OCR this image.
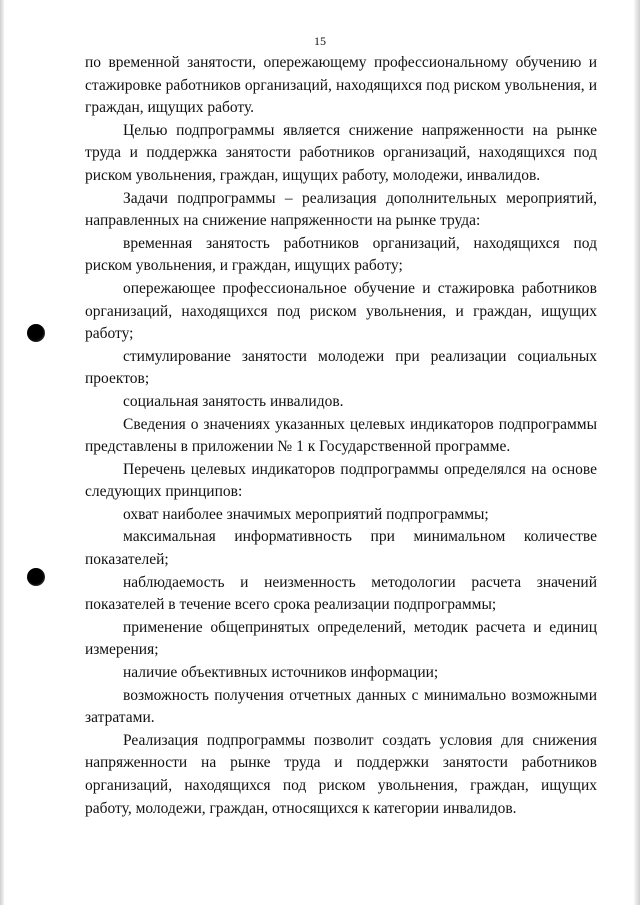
15

по временной занятости, опережающему профессиональному обучению и стажировке работников организаций, находящихся под риском увольнения, и граждан, ищущих работу.

Целью подпрограммы является снижение напряженности на рынке труда и поддержка занятости работников организаций, находящихся под риском увольнения, граждан, ищущих работу, молодежи, инвалидов.

Задачи подпрограммы – реализация дополнительных мероприятий, направленных на снижение напряженности на рынке труда:

временная занятость работников организаций, находящихся под риском увольнения, и граждан, ищущих работу;

опережающее профессиональное обучение и стажировка работников организаций, находящихся под риском увольнения, и граждан, ищущих работу;

стимулирование занятости молодежи при реализации социальных проектов;

социальная занятость инвалидов.

Сведения о значениях указанных целевых индикаторов подпрограммы представлены в приложении № 1 к Государственной программе.

Перечень целевых индикаторов подпрограммы определялся на основе следующих принципов:

охват наиболее значимых мероприятий подпрограммы;

максимальная информативность при минимальном количестве показателей;

наблюдаемость и неизменность методологии расчета значений показателей в течение всего срока реализации подпрограммы;

применение общепринятых определений, методик расчета и единиц измерения;

наличие объективных источников информации;

возможность получения отчетных данных с минимально возможными затратами.

Реализация подпрограммы позволит создать условия для снижения напряженности на рынке труда и поддержки занятости работников организаций, находящихся под риском увольнения, граждан, ищущих работу, молодежи, граждан, относящихся к категории инвалидов.
